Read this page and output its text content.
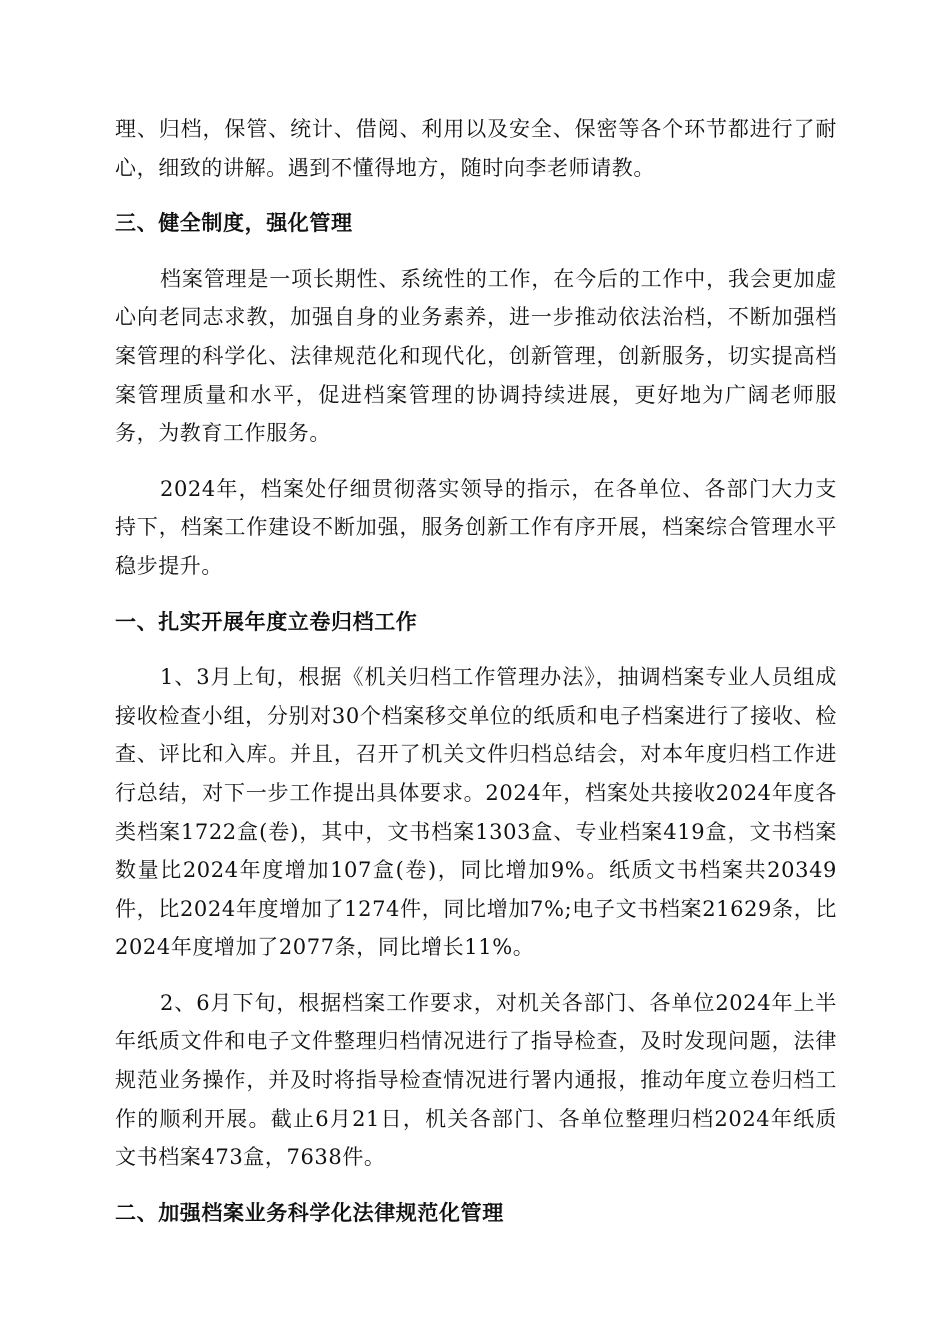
理、归档，保管、统计、借阅、利用以及安全、保密等各个环节都进行了耐心，细致的讲解。遇到不懂得地方，随时向李老师请教。

三、健全制度，强化管理

档案管理是一项长期性、系统性的工作，在今后的工作中，我会更加虚心向老同志求教，加强自身的业务素养，进一步推动依法治档，不断加强档案管理的科学化、法律规范化和现代化，创新管理，创新服务，切实提高档案管理质量和水平，促进档案管理的协调持续进展，更好地为广阔老师服务，为教育工作服务。

2024年，档案处仔细贯彻落实领导的指示，在各单位、各部门大力支持下，档案工作建设不断加强，服务创新工作有序开展，档案综合管理水平稳步提升。

一、扎实开展年度立卷归档工作

1、3月上旬，根据《机关归档工作管理办法》，抽调档案专业人员组成接收检查小组，分别对30个档案移交单位的纸质和电子档案进行了接收、检查、评比和入库。并且，召开了机关文件归档总结会，对本年度归档工作进行总结，对下一步工作提出具体要求。2024年，档案处共接收2024年度各类档案1722盒(卷)，其中，文书档案1303盒、专业档案419盒，文书档案数量比2024年度增加107盒(卷)，同比增加9%。纸质文书档案共20349件，比2024年度增加了1274件，同比增加7%;电子文书档案21629条，比2024年度增加了2077条，同比增长11%。

2、6月下旬，根据档案工作要求，对机关各部门、各单位2024年上半年纸质文件和电子文件整理归档情况进行了指导检查，及时发现问题，法律规范业务操作，并及时将指导检查情况进行署内通报，推动年度立卷归档工作的顺利开展。截止6月21日，机关各部门、各单位整理归档2024年纸质文书档案473盒，7638件。

二、加强档案业务科学化法律规范化管理
